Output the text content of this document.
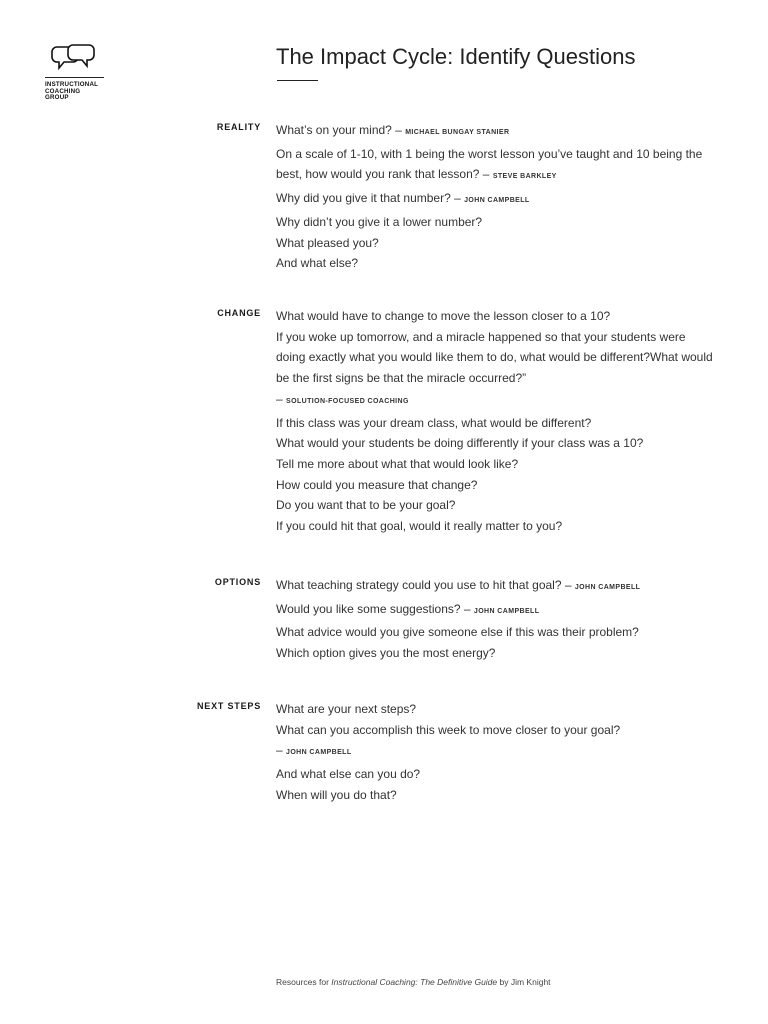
INSTRUCTIONAL
COACHING
GROUP
The Impact Cycle: Identify Questions
REALITY What’s on your mind? – MICHAEL BUNGAY STANIER
On a scale of 1-10, with 1 being the worst lesson you’ve taught and 10 being the best, how would you rank that lesson? – STEVE BARKLEY
Why did you give it that number? – JOHN CAMPBELL
Why didn’t you give it a lower number?
What pleased you?
And what else?
CHANGE What would have to change to move the lesson closer to a 10?
If you woke up tomorrow, and a miracle happened so that your students were doing exactly what you would like them to do, what would be different?What would be the first signs be that the miracle occurred?”
– SOLUTION-FOCUSED COACHING
If this class was your dream class, what would be different?
What would your students be doing differently if your class was a 10?
Tell me more about what that would look like?
How could you measure that change?
Do you want that to be your goal?
If you could hit that goal, would it really matter to you?
OPTIONS What teaching strategy could you use to hit that goal? – JOHN CAMPBELL
Would you like some suggestions? – JOHN CAMPBELL
What advice would you give someone else if this was their problem?
Which option gives you the most energy?
NEXT STEPS What are your next steps?
What can you accomplish this week to move closer to your goal?
– JOHN CAMPBELL
And what else can you do?
When will you do that?
Resources for Instructional Coaching: The Definitive Guide by Jim Knight
